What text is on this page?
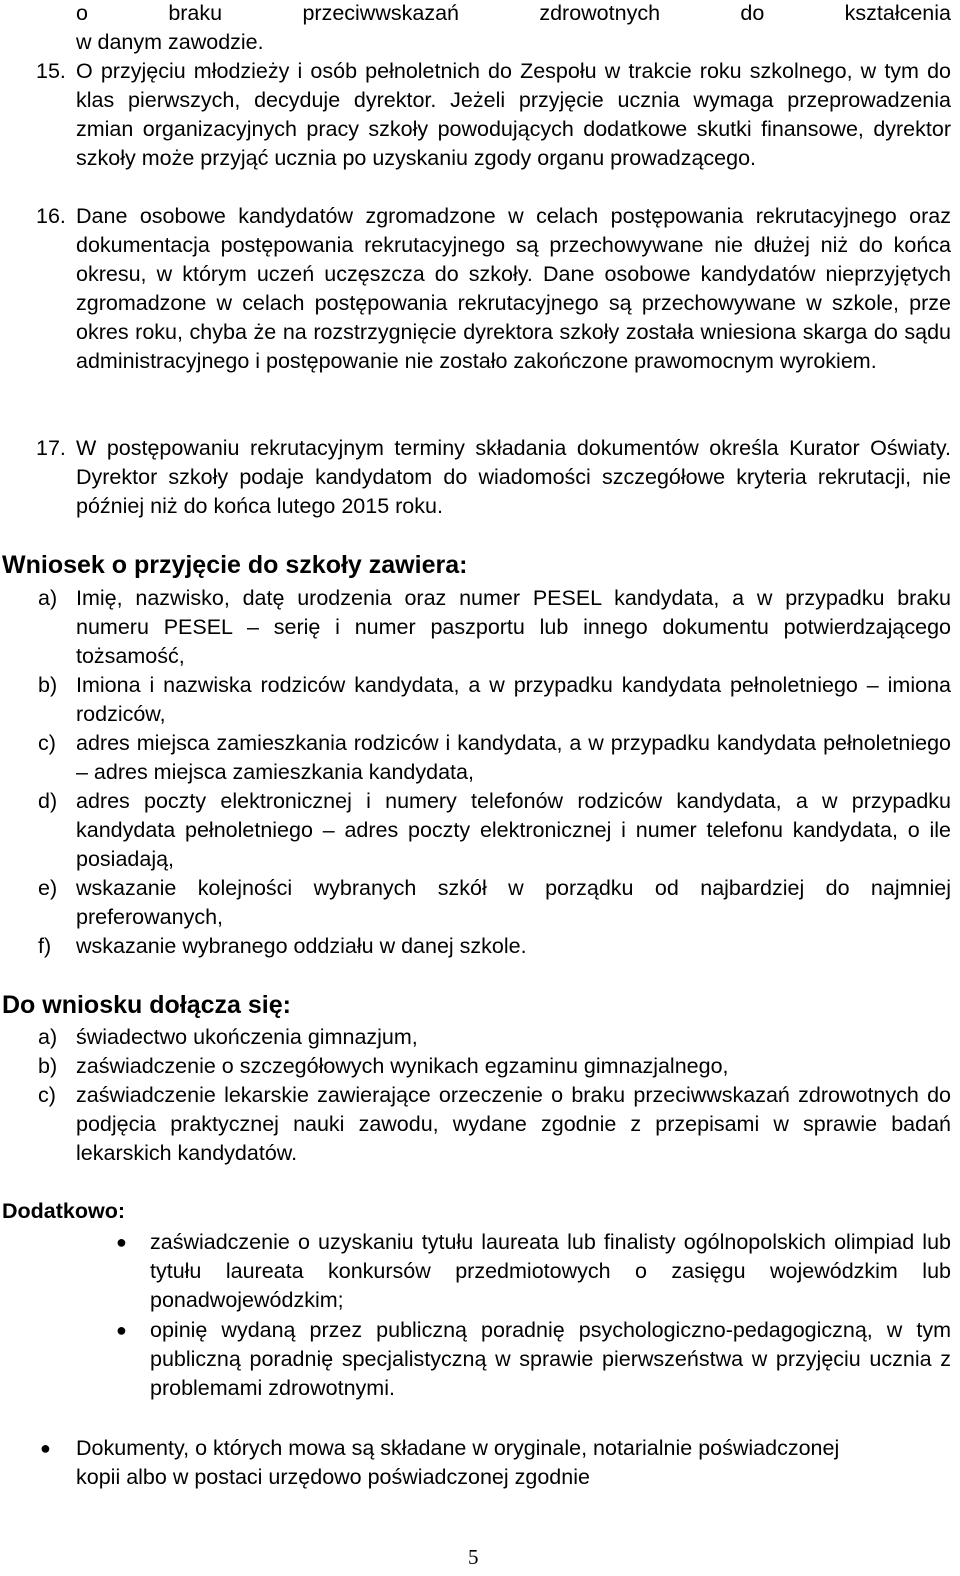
o	braku	przeciwwskazań	zdrowotnych	do	kształcenia
w danym zawodzie.
15. O przyjęciu młodzieży i osób pełnoletnich do Zespołu w trakcie roku szkolnego, w tym do klas pierwszych, decyduje dyrektor. Jeżeli przyjęcie ucznia wymaga przeprowadzenia zmian organizacyjnych pracy szkoły powodujących dodatkowe skutki finansowe, dyrektor szkoły może przyjąć ucznia po uzyskaniu zgody organu prowadzącego.
16. Dane osobowe kandydatów zgromadzone w celach postępowania rekrutacyjnego oraz dokumentacja postępowania rekrutacyjnego są przechowywane nie dłużej niż do końca okresu, w którym uczeń uczęszcza do szkoły. Dane osobowe kandydatów nieprzyjętych zgromadzone w celach postępowania rekrutacyjnego są przechowywane w szkole, prze okres roku, chyba że na rozstrzygnięcie dyrektora szkoły została wniesiona skarga do sądu administracyjnego i postępowanie nie zostało zakończone prawomocnym wyrokiem.
17. W postępowaniu rekrutacyjnym terminy składania dokumentów określa Kurator Oświaty. Dyrektor szkoły podaje kandydatom do wiadomości szczegółowe kryteria rekrutacji, nie później niż do końca lutego 2015 roku.
Wniosek o przyjęcie do szkoły zawiera:
a) Imię, nazwisko, datę urodzenia oraz numer PESEL kandydata, a w przypadku braku numeru PESEL – serię i numer paszportu lub innego dokumentu potwierdzającego tożsamość,
b) Imiona i nazwiska rodziców kandydata, a w przypadku kandydata pełnoletniego – imiona rodziców,
c) adres miejsca zamieszkania rodziców i kandydata, a w przypadku kandydata pełnoletniego – adres miejsca zamieszkania kandydata,
d) adres poczty elektronicznej i numery telefonów rodziców kandydata, a w przypadku kandydata pełnoletniego – adres poczty elektronicznej i numer telefonu kandydata, o ile posiadają,
e) wskazanie kolejności wybranych szkół w porządku od najbardziej do najmniej preferowanych,
f) wskazanie wybranego oddziału w danej szkole.
Do wniosku dołącza się:
a) świadectwo ukończenia gimnazjum,
b) zaświadczenie o szczegółowych wynikach egzaminu gimnazjalnego,
c) zaświadczenie lekarskie zawierające orzeczenie o braku przeciwwskazań zdrowotnych do podjęcia praktycznej nauki zawodu, wydane zgodnie z przepisami w sprawie badań lekarskich kandydatów.
Dodatkowo:
● zaświadczenie o uzyskaniu tytułu laureata lub finalisty ogólnopolskich olimpiad lub tytułu laureata konkursów przedmiotowych o zasięgu wojewódzkim lub ponadwojewódzkim;
● opinię wydaną przez publiczną poradnię psychologiczno-pedagogiczną, w tym publiczną poradnię specjalistyczną w sprawie pierwszeństwa w przyjęciu ucznia z problemami zdrowotnymi.
● Dokumenty, o których mowa są składane w oryginale, notarialnie poświadczonej kopii albo w postaci urzędowo poświadczonej zgodnie
5
